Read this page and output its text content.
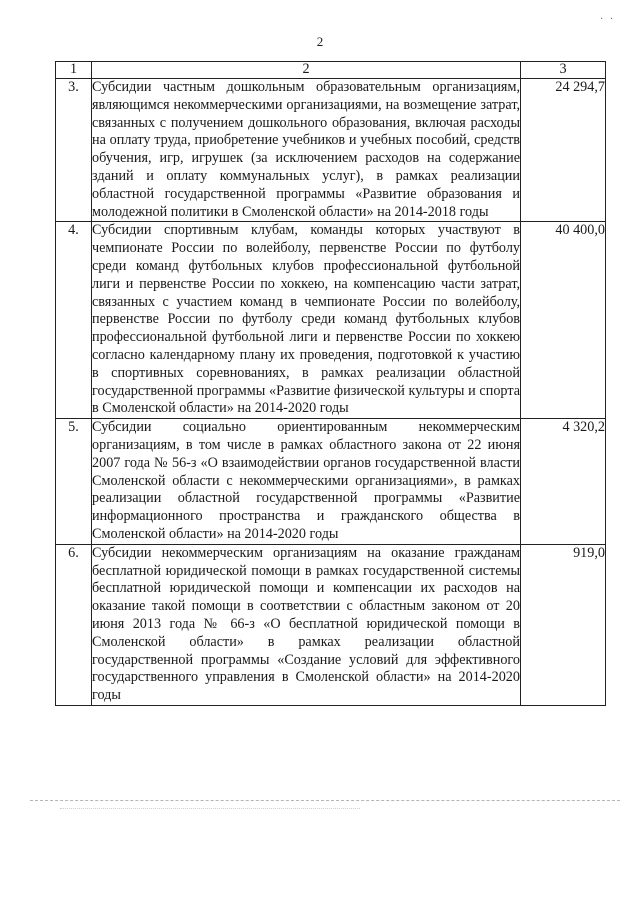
2
· ·
1	2	3
3.	Субсидии частным дошкольным образовательным организациям, являющимся некоммерческими организациями, на возмещение затрат, связанных с получением дошкольного образования, включая расходы на оплату труда, приобретение учебников и учебных пособий, средств обучения, игр, игрушек (за исключением расходов на содержание зданий и оплату коммунальных услуг), в рамках реализации областной государственной программы «Развитие образования и молодежной политики в Смоленской области» на 2014-2018 годы	24 294,7
4.	Субсидии спортивным клубам, команды которых участвуют в чемпионате России по волейболу, первенстве России по футболу среди команд футбольных клубов профессиональной футбольной лиги и первенстве России по хоккею, на компенсацию части затрат, связанных с участием команд в чемпионате России по волейболу, первенстве России по футболу среди команд футбольных клубов профессиональной футбольной лиги и первенстве России по хоккею согласно календарному плану их проведения, подготовкой к участию в спортивных соревнованиях, в рамках реализации областной государственной программы «Развитие физической культуры и спорта в Смоленской области» на 2014-2020 годы	40 400,0
5.	Субсидии социально ориентированным некоммерческим организациям, в том числе в рамках областного закона от 22 июня 2007 года № 56-з «О взаимодействии органов государственной власти Смоленской области с некоммерческими организациями», в рамках реализации областной государственной программы «Развитие информационного пространства и гражданского общества в Смоленской области» на 2014-2020 годы	4 320,2
6.	Субсидии некоммерческим организациям на оказание гражданам бесплатной юридической помощи в рамках государственной системы бесплатной юридической помощи и компенсации их расходов на оказание такой помощи в соответствии с областным законом от 20 июня 2013 года № 66-з «О бесплатной юридической помощи в Смоленской области» в рамках реализации областной государственной программы «Создание условий для эффективного государственного управления в Смоленской области» на 2014-2020 годы	919,0
